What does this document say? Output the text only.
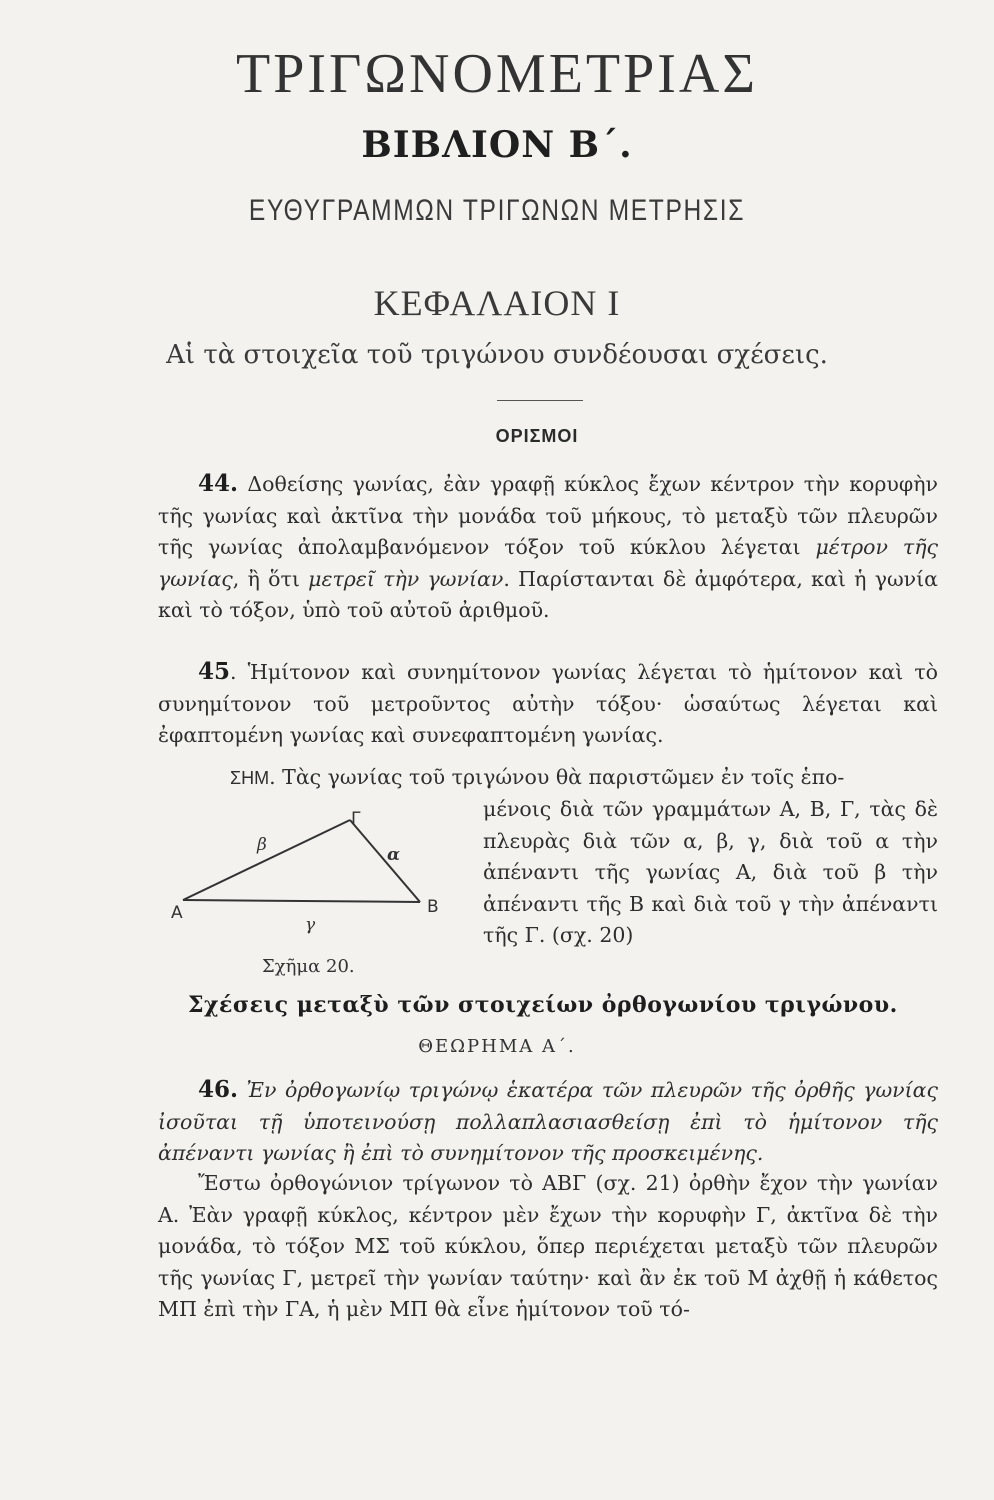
ΤΡΙΓΩΝΟΜΕΤΡΙΑΣ
ΒΙΒΛΙΟΝ Β΄.
ΕΥΘΥΓΡΑΜΜΩΝ ΤΡΙΓΩΝΩΝ ΜΕΤΡΗΣΙΣ
ΚΕΦΑΛΑΙΟΝ Ι
Αἱ τὰ στοιχεῖα τοῦ τριγώνου συνδέουσαι σχέσεις.
ΟΡΙΣΜΟΙ

44. Δοθείσης γωνίας, ἐὰν γραφῇ κύκλος ἔχων κέντρον τὴν κορυφὴν τῆς γωνίας καὶ ἀκτῖνα τὴν μονάδα τοῦ μήκους, τὸ μεταξὺ τῶν πλευρῶν τῆς γωνίας ἀπολαμβανόμενον τόξον τοῦ κύκλου λέγεται μέτρον τῆς γωνίας, ἢ ὅτι μετρεῖ τὴν γωνίαν. Παρίστανται δὲ ἀμφότερα, καὶ ἡ γωνία καὶ τὸ τόξον, ὑπὸ τοῦ αὐτοῦ ἀριθμοῦ.

45. Ἡμίτονον καὶ συνημίτονον γωνίας λέγεται τὸ ἡμίτονον καὶ τὸ συνημίτονον τοῦ μετροῦντος αὐτὴν τόξου· ὡσαύτως λέγεται καὶ ἐφαπτομένη γωνίας καὶ συνεφαπτομένη γωνίας.

ΣΗΜ. Τὰς γωνίας τοῦ τριγώνου θὰ παριστῶμεν ἐν τοῖς ἑπο-

μένοις διὰ τῶν γραμμάτων Α, Β, Γ, τὰς δὲ πλευρὰς διὰ τῶν α, β, γ, διὰ τοῦ α τὴν ἀπέναντι τῆς γωνίας Α, διὰ τοῦ β τὴν ἀπέναντι τῆς Β καὶ διὰ τοῦ γ τὴν ἀπέναντι τῆς Γ. (σχ. 20)

Α	Β
Γ
α
β
γ
Σχῆμα 20.
Σχέσεις μεταξὺ τῶν στοιχείων ὀρθογωνίου τριγώνου.
ΘΕΩΡΗΜΑ Α΄.

46. Ἐν ὀρθογωνίῳ τριγώνῳ ἑκατέρα τῶν πλευρῶν τῆς ὀρθῆς γωνίας ἰσοῦται τῇ ὑποτεινούσῃ πολλαπλασιασθείσῃ ἐπὶ τὸ ἡμίτονον τῆς ἀπέναντι γωνίας ἢ ἐπὶ τὸ συνημίτονον τῆς προσκειμένης.

Ἔστω ὀρθογώνιον τρίγωνον τὸ ΑΒΓ (σχ. 21) ὀρθὴν ἔχον τὴν γωνίαν Α. Ἐὰν γραφῇ κύκλος, κέντρον μὲν ἔχων τὴν κορυφὴν Γ, ἀκτῖνα δὲ τὴν μονάδα, τὸ τόξον ΜΣ τοῦ κύκλου, ὅπερ περιέχεται μεταξὺ τῶν πλευρῶν τῆς γωνίας Γ, μετρεῖ τὴν γωνίαν ταύτην· καὶ ἂν ἐκ τοῦ Μ ἀχθῇ ἡ κάθετος ΜΠ ἐπὶ τὴν ΓΑ, ἡ μὲν ΜΠ θὰ εἶνε ἡμίτονον τοῦ τό-
